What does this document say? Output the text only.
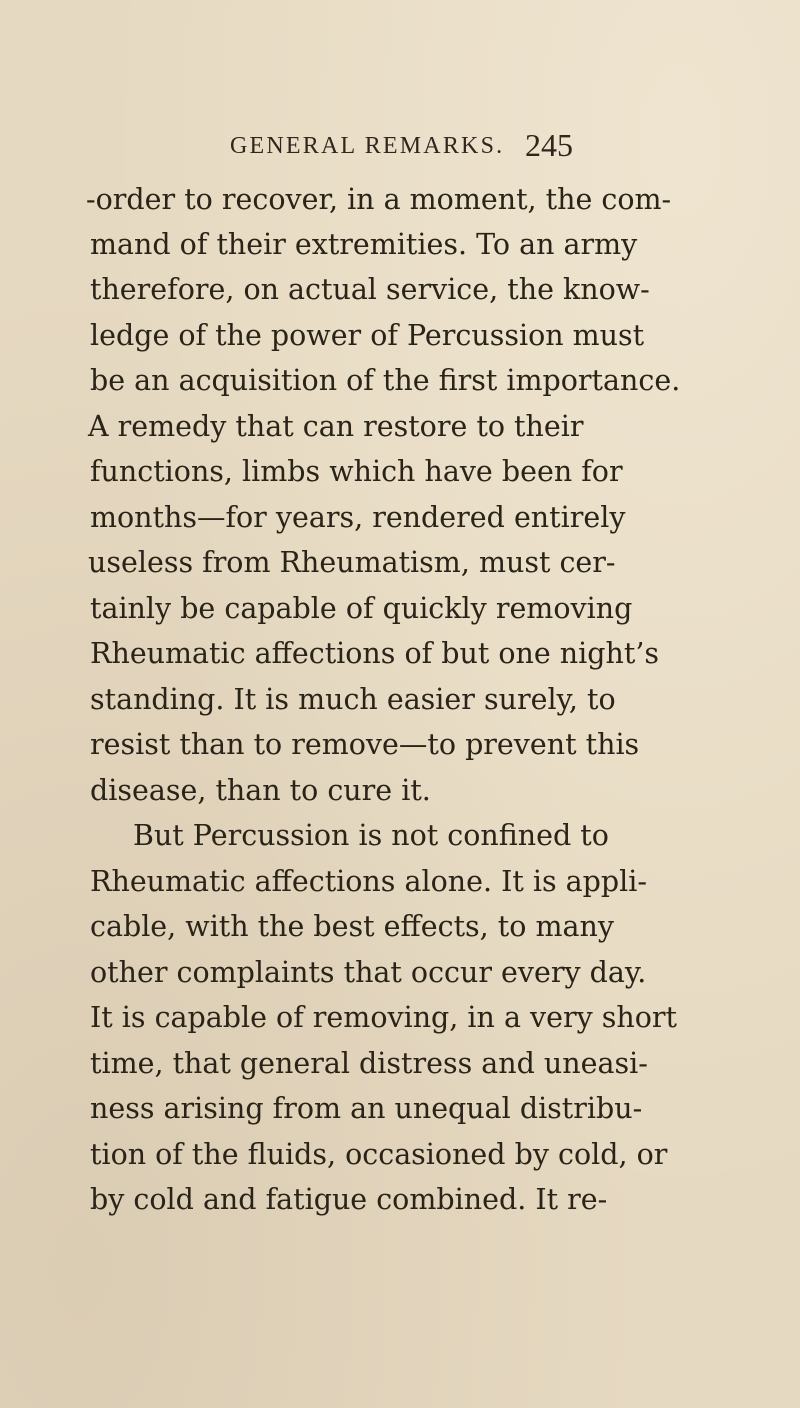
GENERAL REMARKS. 245
-order to recover, in a moment, the com-
mand of their extremities. To an army
therefore, on actual service, the know-
ledge of the power of Percussion must
be an acquisition of the first importance.
A remedy that can restore to their
functions, limbs which have been for
months—for years, rendered entirely
useless from Rheumatism, must cer-
tainly be capable of quickly removing
Rheumatic affections of but one night’s
standing. It is much easier surely, to
resist than to remove—to prevent this
disease, than to cure it.
But Percussion is not confined to
Rheumatic affections alone. It is appli-
cable, with the best effects, to many
other complaints that occur every day.
It is capable of removing, in a very short
time, that general distress and uneasi-
ness arising from an unequal distribu-
tion of the fluids, occasioned by cold, or
by cold and fatigue combined. It re-
